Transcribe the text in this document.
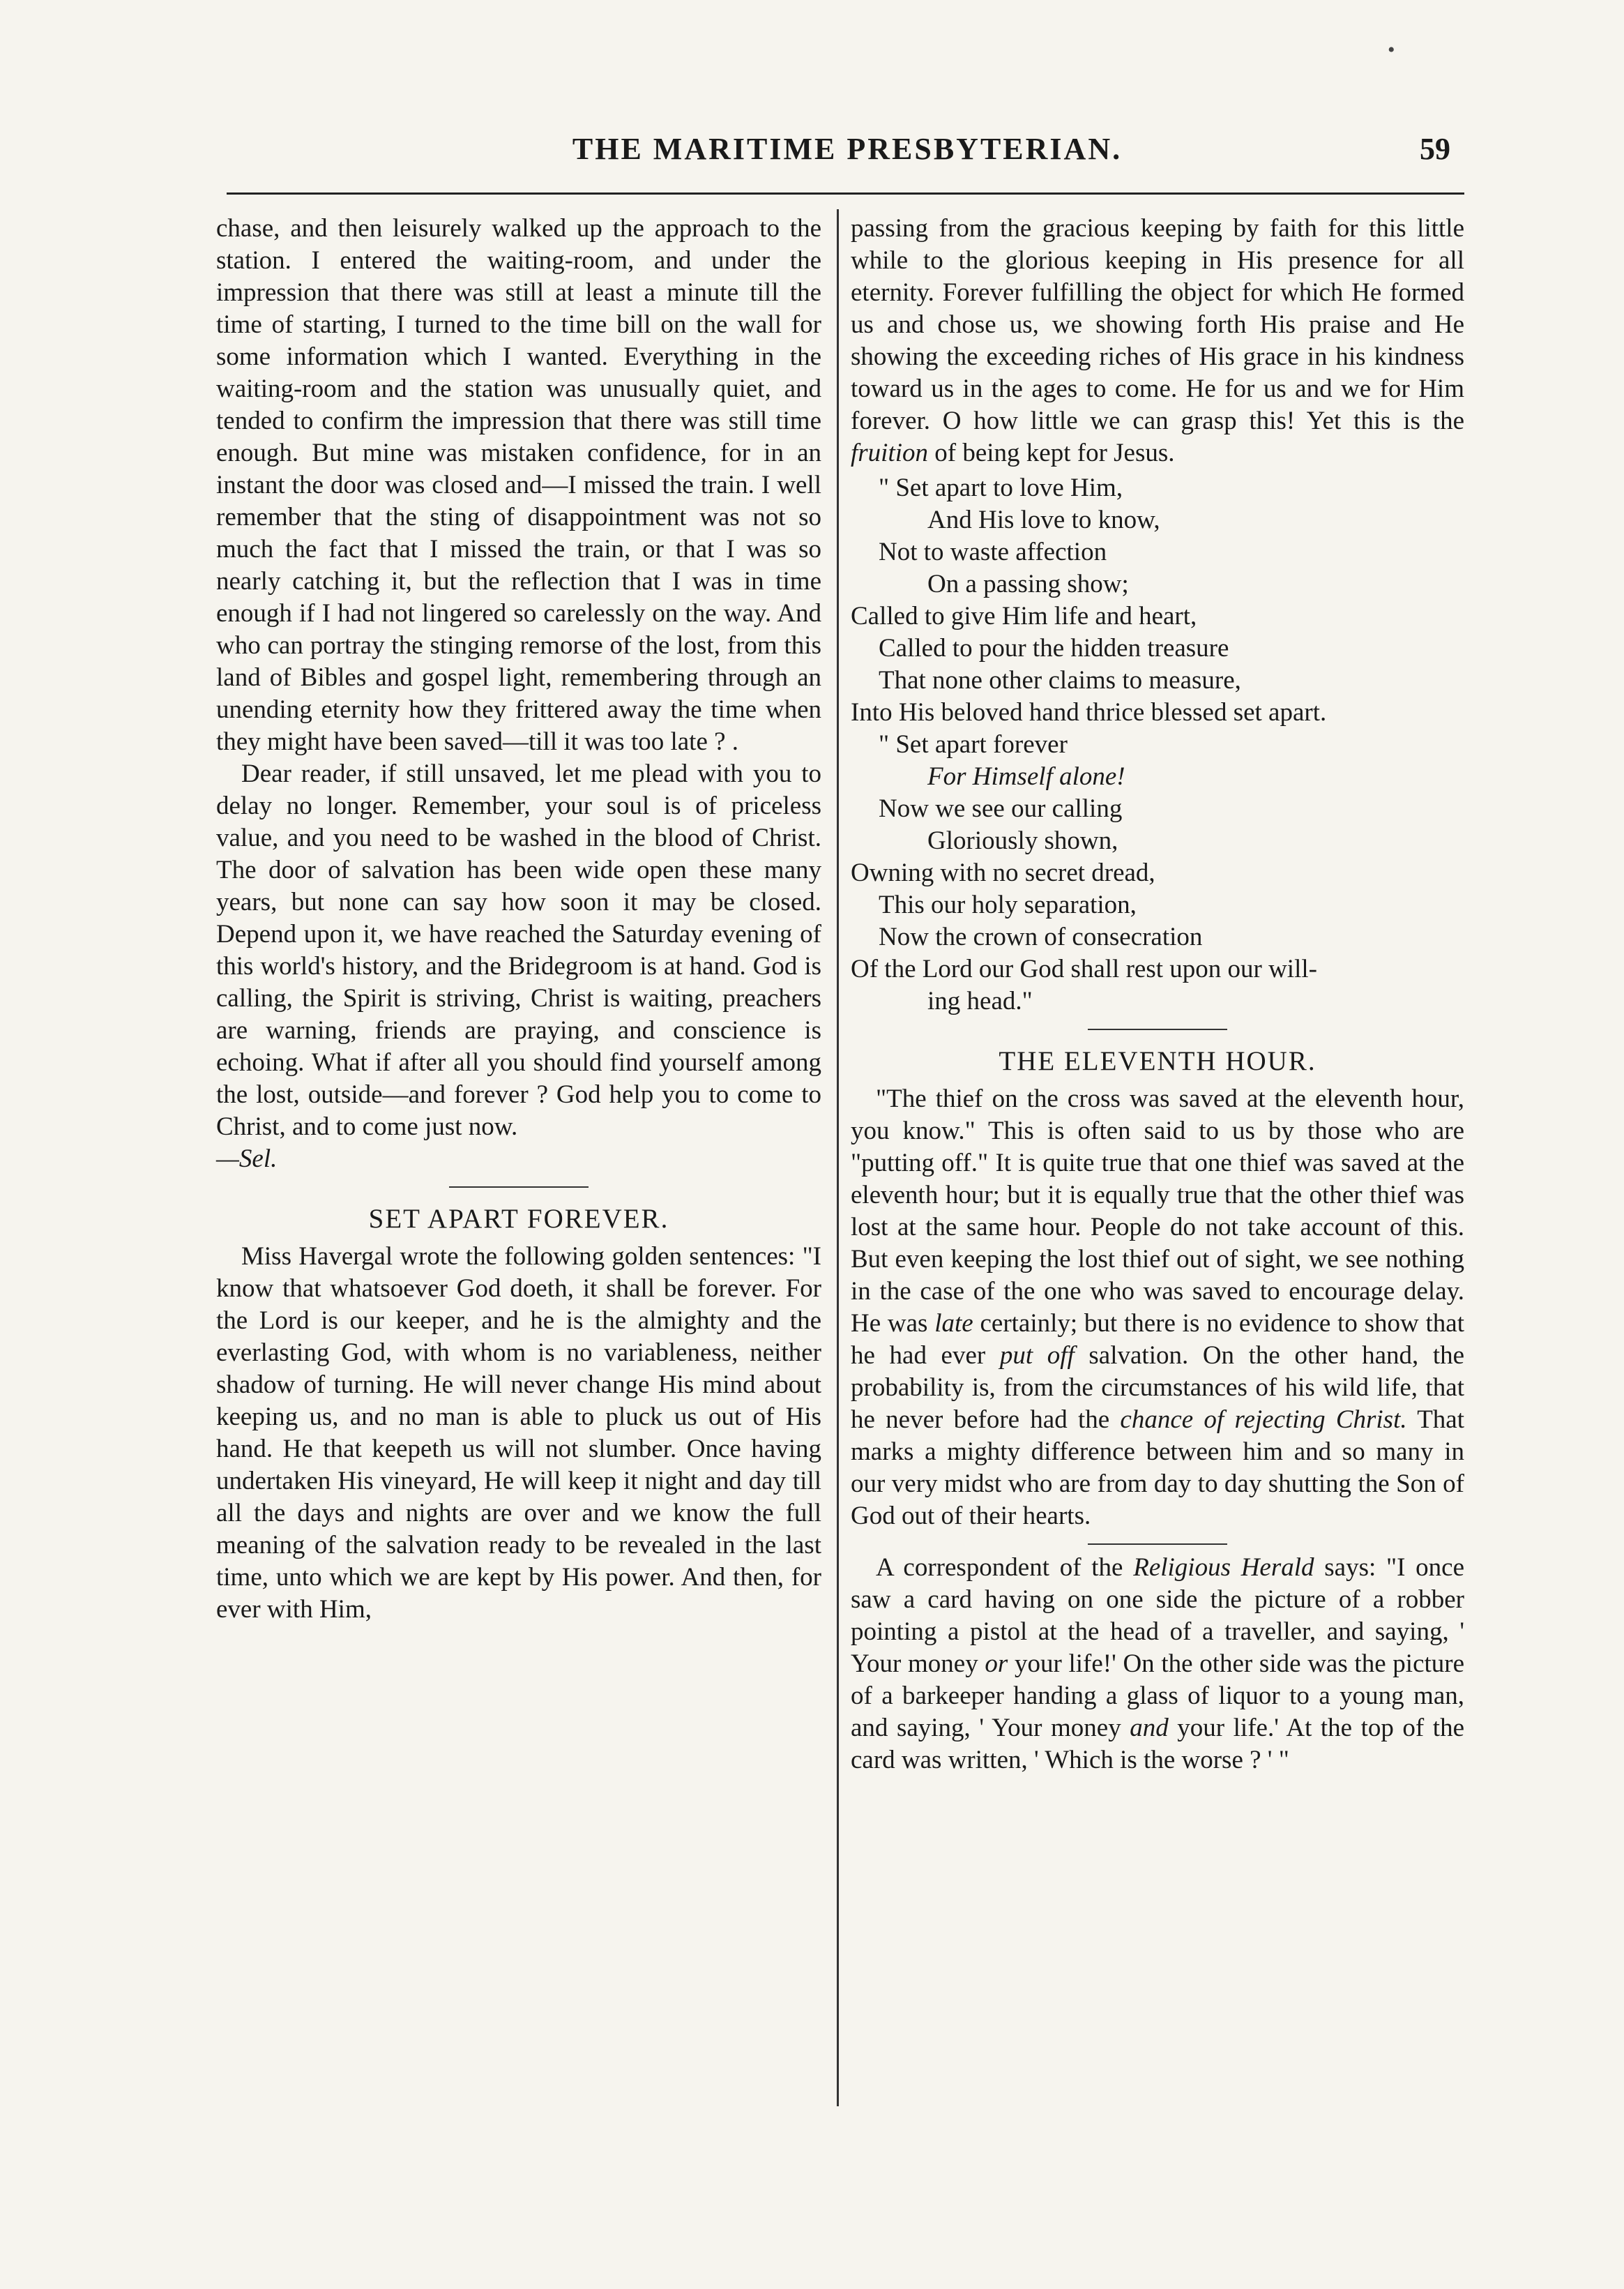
THE MARITIME PRESBYTERIAN.	59
•

chase, and then leisurely walked up the approach to the station. I entered the waiting-room, and under the impression that there was still at least a minute till the time of starting, I turned to the time bill on the wall for some information which I wanted. Everything in the waiting-room and the station was unusually quiet, and tended to confirm the impression that there was still time enough. But mine was mistaken confidence, for in an instant the door was closed and—I missed the train. I well remember that the sting of disappointment was not so much the fact that I missed the train, or that I was so nearly catching it, but the reflection that I was in time enough if I had not lingered so carelessly on the way. And who can portray the stinging remorse of the lost, from this land of Bibles and gospel light, remembering through an unending eternity how they frittered away the time when they might have been saved—till it was too late ? .

Dear reader, if still unsaved, let me plead with you to delay no longer. Remember, your soul is of priceless value, and you need to be washed in the blood of Christ. The door of salvation has been wide open these many years, but none can say how soon it may be closed. Depend upon it, we have reached the Saturday evening of this world's history, and the Bridegroom is at hand. God is calling, the Spirit is striving, Christ is waiting, preachers are warning, friends are praying, and conscience is echoing. What if after all you should find yourself among the lost, outside—and forever ? God help you to come to Christ, and to come just now.
—Sel.

SET APART FOREVER.

Miss Havergal wrote the following golden sentences: "I know that whatsoever God doeth, it shall be forever. For the Lord is our keeper, and he is the almighty and the everlasting God, with whom is no variableness, neither shadow of turning. He will never change His mind about keeping us, and no man is able to pluck us out of His hand. He that keepeth us will not slumber. Once having undertaken His vineyard, He will keep it night and day till all the days and nights are over and we know the full meaning of the salvation ready to be revealed in the last time, unto which we are kept by His power. And then, for ever with Him,

passing from the gracious keeping by faith for this little while to the glorious keeping in His presence for all eternity. Forever fulfilling the object for which He formed us and chose us, we showing forth His praise and He showing the exceeding riches of His grace in his kindness toward us in the ages to come. He for us and we for Him forever. O how little we can grasp this! Yet this is the fruition of being kept for Jesus.

" Set apart to love Him,
And His love to know,
Not to waste affection
On a passing show;
Called to give Him life and heart,
Called to pour the hidden treasure
That none other claims to measure,
Into His beloved hand thrice blessed set apart.
" Set apart forever
For Himself alone!
Now we see our calling
Gloriously shown,
Owning with no secret dread,
This our holy separation,
Now the crown of consecration
Of the Lord our God shall rest upon our will-
ing head."
THE ELEVENTH HOUR.

"The thief on the cross was saved at the eleventh hour, you know." This is often said to us by those who are "putting off." It is quite true that one thief was saved at the eleventh hour; but it is equally true that the other thief was lost at the same hour. People do not take account of this. But even keeping the lost thief out of sight, we see nothing in the case of the one who was saved to encourage delay. He was late certainly; but there is no evidence to show that he had ever put off salvation. On the other hand, the probability is, from the circumstances of his wild life, that he never before had the chance of rejecting Christ. That marks a mighty difference between him and so many in our very midst who are from day to day shutting the Son of God out of their hearts.

A correspondent of the Religious Herald says: "I once saw a card having on one side the picture of a robber pointing a pistol at the head of a traveller, and saying, ' Your money or your life!' On the other side was the picture of a barkeeper handing a glass of liquor to a young man, and saying, ' Your money and your life.' At the top of the card was written, ' Which is the worse ? ' "
